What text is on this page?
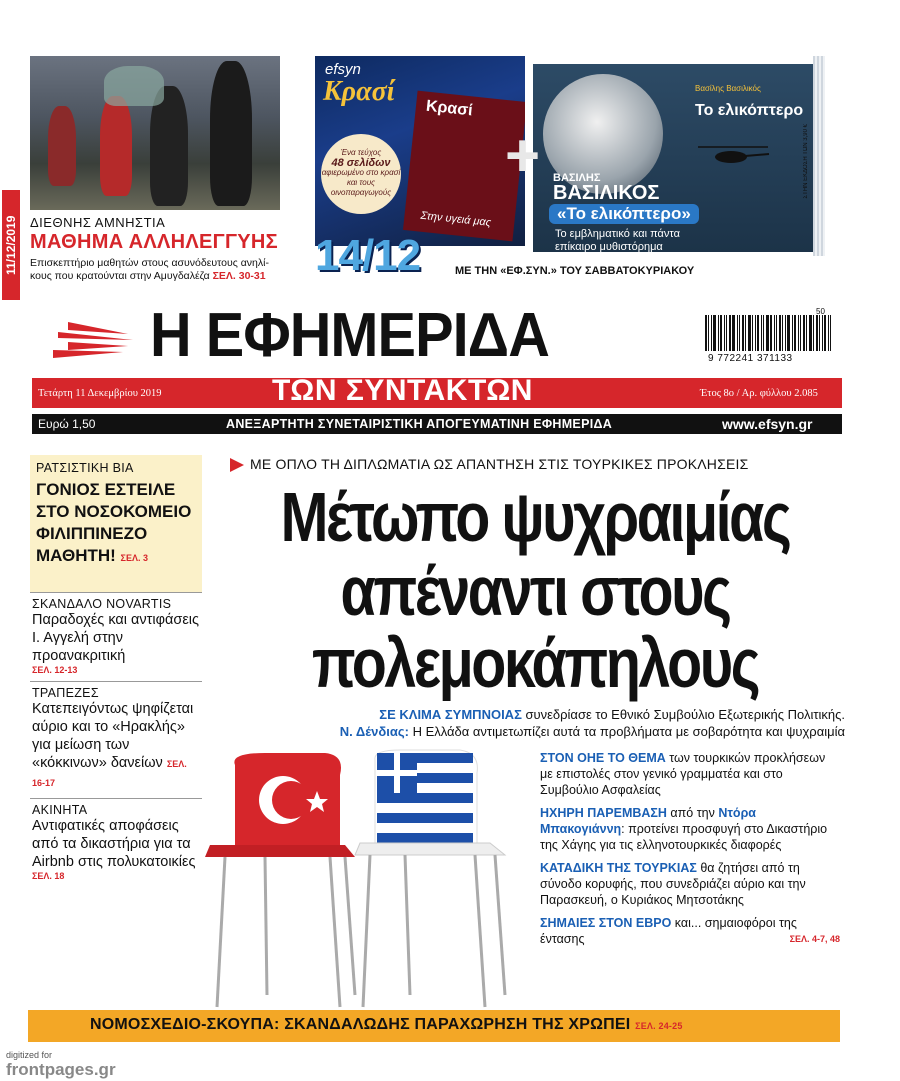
11/12/2019 ΔΙΕΘΝΗΣ ΑΜΝΗΣΤΙΑ
ΜΑΘΗΜΑ ΑΛΛΗΛΕΓΓΥΗΣ
Επισκεπτήριο μαθητών στους ασυνόδευτους ανηλί-κους που κρατούνται στην Αμυγδαλέζα ΣΕΛ. 30-31
efsyn
Κρασί
Κρασί
Στην υγειά μας
Ένα τεύχος
48 σελίδων
αφιερωμένο στο κρασί και τους οινοπαραγωγούς
Βασίλης Βασιλικός
Το ελικόπτερο
ΒΑΣΙΛΗΣ
ΒΑΣΙΛΙΚΟΣ
«Το ελικόπτερο»
Το εμβληματικό και πάντα
επίκαιρο μυθιστόρημα
ΣΤΗΝ ΕΚΔΟΣΗ ΤΩΝ 3,90 €
+
14/12	ΜΕ ΤΗΝ «ΕΦ.ΣΥΝ.» ΤΟΥ ΣΑΒΒΑΤΟΚΥΡΙΑΚΟΥ
Η ΕΦΗΜΕΡΙΔΑ	9 772241 371133
50
Τετάρτη 11 Δεκεμβρίου 2019	ΤΩΝ ΣΥΝΤΑΚΤΩΝ	Έτος 8ο / Αρ. φύλλου 2.085
Ευρώ 1,50	ΑΝΕΞΑΡΤΗΤΗ ΣΥΝΕΤΑΙΡΙΣΤΙΚΗ ΑΠΟΓΕΥΜΑΤΙΝΗ ΕΦΗΜΕΡΙΔΑ	www.efsyn.gr
ΡΑΤΣΙΣΤΙΚΗ ΒΙΑ
ΓΟΝΙΟΣ ΕΣΤΕΙΛΕ ΣΤΟ ΝΟΣΟΚΟΜΕΙΟ ΦΙΛΙΠΠΙΝΕΖΟ ΜΑΘΗΤΗ! ΣΕΛ. 3
ΣΚΑΝΔΑΛΟ NOVARTIS
Παραδοχές και αντιφάσεις Ι. Αγγελή στην προανακριτική
ΣΕΛ. 12-13
ΤΡΑΠΕΖΕΣ
Κατεπειγόντως ψηφίζεται αύριο και το «Ηρακλής» για μείωση των «κόκκινων» δανείων ΣΕΛ. 16-17
ΑΚΙΝΗΤΑ
Αντιφατικές αποφάσεις από τα δικαστήρια για τα Airbnb στις πολυκατοικίες
ΣΕΛ. 18
ΜΕ ΟΠΛΟ ΤΗ ΔΙΠΛΩΜΑΤΙΑ ΩΣ ΑΠΑΝΤΗΣΗ ΣΤΙΣ ΤΟΥΡΚΙΚΕΣ ΠΡΟΚΛΗΣΕΙΣ
Μέτωπο ψυχραιμίας
απέναντι στους
πολεμοκάπηλους
ΣΕ ΚΛΙΜΑ ΣΥΜΠΝΟΙΑΣ συνεδρίασε το Εθνικό Συμβούλιο Εξωτερικής Πολιτικής.
Ν. Δένδιας: Η Ελλάδα αντιμετωπίζει αυτά τα προβλήματα με σοβαρότητα και ψυχραιμία
ΣΤΟΝ ΟΗΕ ΤΟ ΘΕΜΑ των τουρκικών προκλήσεων με επιστολές στον γενικό γραμματέα και στο Συμβούλιο Ασφαλείας
ΗΧΗΡΗ ΠΑΡΕΜΒΑΣΗ από την Ντόρα Μπακογιάννη: προτείνει προσφυγή στο Δικαστήριο της Χάγης για τις ελληνοτουρκικές διαφορές
ΚΑΤΑΔΙΚΗ ΤΗΣ ΤΟΥΡΚΙΑΣ θα ζητήσει από τη σύνοδο κορυφής, που συνεδριάζει αύριο και την Παρασκευή, ο Κυριάκος Μητσοτάκης
ΣΗΜΑΙΕΣ ΣΤΟΝ ΕΒΡΟ και... σημαιοφόροι της έντασης	ΣΕΛ. 4-7, 48
ΝΟΜΟΣΧΕΔΙΟ-ΣΚΟΥΠΑ: ΣΚΑΝΔΑΛΩΔΗΣ ΠΑΡΑΧΩΡΗΣΗ ΤΗΣ ΧΡΩΠΕΙ ΣΕΛ. 24-25
digitized for
frontpages.gr
